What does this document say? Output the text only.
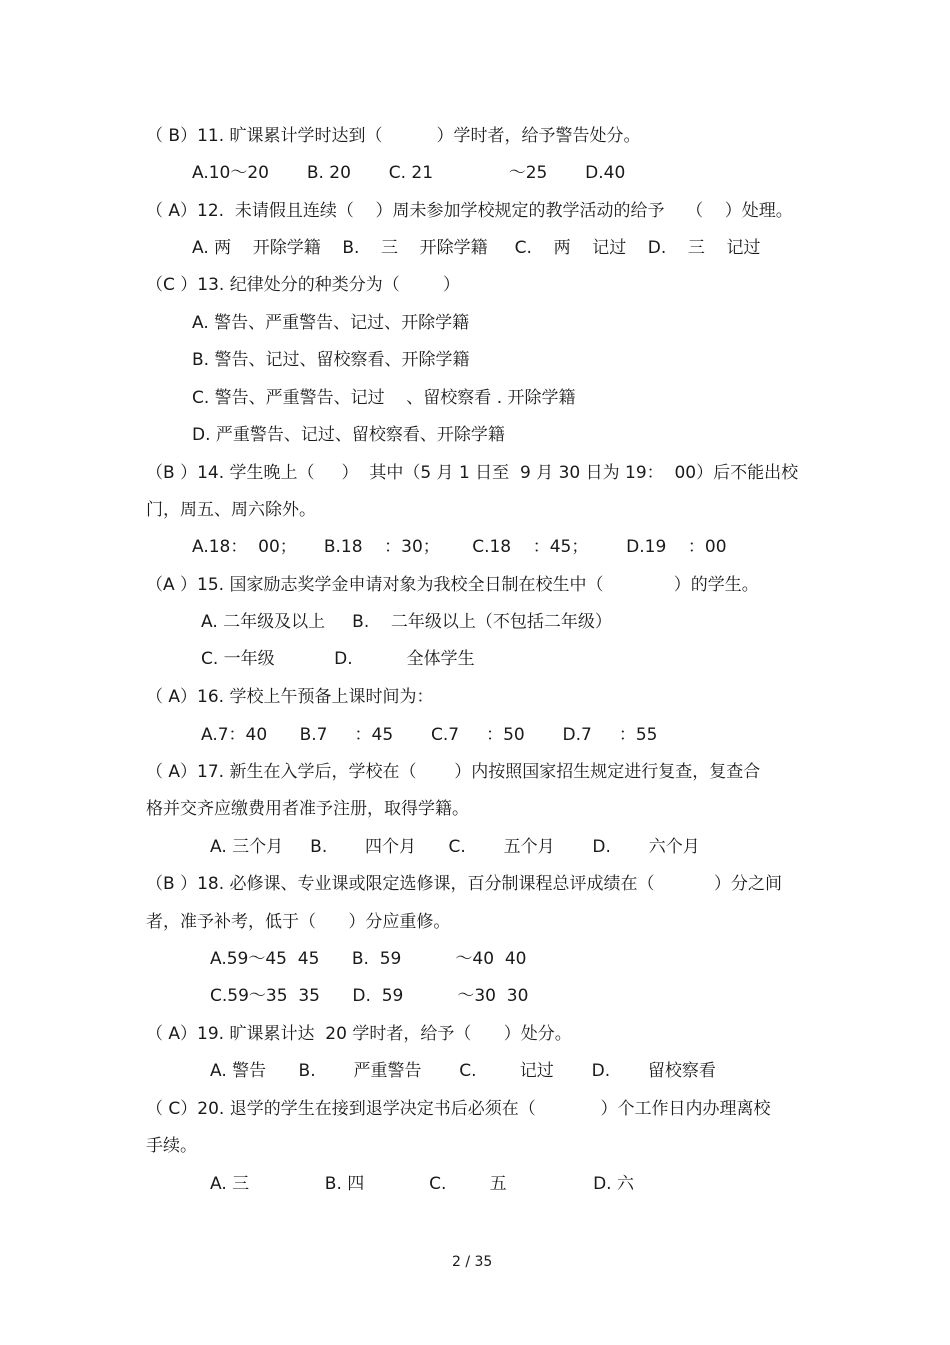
（ B）11. 旷课累计学时达到（          ）学时者，给予警告处分。
A.10～20       B. 20       C. 21              ～25       D.40
（ A）12.  未请假且连续（    ）周未参加学校规定的教学活动的给予    （    ）处理。
A. 两    开除学籍    B.    三    开除学籍     C.    两    记过    D.    三    记过
（C ）13. 纪律处分的种类分为（        ）
A. 警告、严重警告、记过、开除学籍
B. 警告、记过、留校察看、开除学籍
C. 警告、严重警告、记过    、留校察看 . 开除学籍
D. 严重警告、记过、留校察看、开除学籍
（B ）14. 学生晚上（     ）  其中（5 月 1 日至  9 月 30 日为 19：  00）后不能出校
门，周五、周六除外。
A.18：  00；     B.18    ：30；      C.18    ：45；       D.19    ：00
（A ）15. 国家励志奖学金申请对象为我校全日制在校生中（             ）的学生。
A. 二年级及以上     B.    二年级以上（不包括二年级）
C. 一年级           D.          全体学生
（ A）16. 学校上午预备上课时间为：
A.7：40      B.7     ：45       C.7     ：50       D.7     ：55
（ A）17. 新生在入学后，学校在（       ）内按照国家招生规定进行复查，复查合
格并交齐应缴费用者准予注册，取得学籍。
A. 三个月     B.       四个月      C.       五个月       D.       六个月
（B ）18. 必修课、专业课或限定选修课，百分制课程总评成绩在（           ）分之间
者，准予补考，低于（      ）分应重修。
A.59～45  45      B.  59          ～40  40
C.59～35  35      D.  59          ～30  30
（ A）19. 旷课累计达  20 学时者，给予（      ）处分。
A. 警告      B.       严重警告       C.        记过       D.       留校察看
（ C）20. 退学的学生在接到退学决定书后必须在（            ）个工作日内办理离校
手续。
A. 三              B. 四            C.        五                D. 六
2 / 35
